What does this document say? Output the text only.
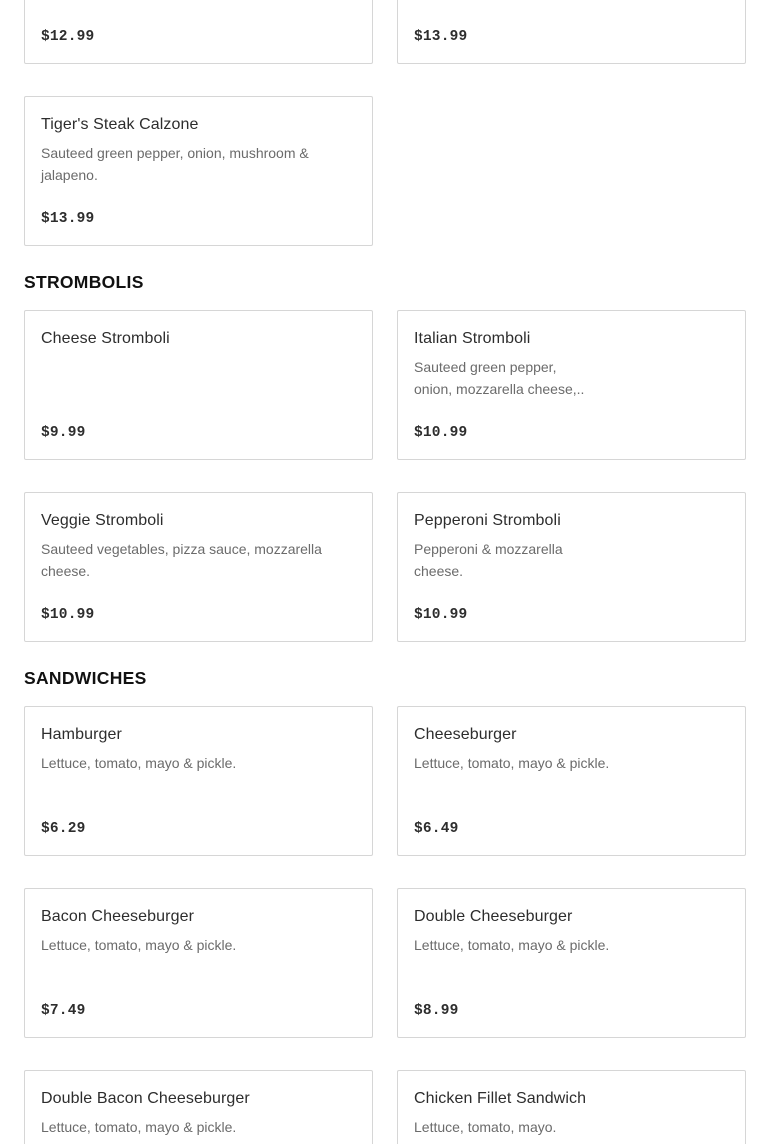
$12.99	$13.99
Tiger's Steak Calzone
Sauteed green pepper, onion, mushroom &
jalapeno.
$13.99
STROMBOLIS
Cheese Stromboli
$9.99
Italian Stromboli
Sauteed green pepper,
onion, mozzarella cheese,..
$10.99
Veggie Stromboli
Sauteed vegetables, pizza sauce, mozzarella
cheese.
$10.99
Pepperoni Stromboli
Pepperoni & mozzarella
cheese.
$10.99
SANDWICHES
Hamburger
Lettuce, tomato, mayo & pickle.
$6.29
Cheeseburger
Lettuce, tomato, mayo & pickle.
$6.49
Bacon Cheeseburger
Lettuce, tomato, mayo & pickle.
$7.49
Double Cheeseburger
Lettuce, tomato, mayo & pickle.
$8.99
Double Bacon Cheeseburger
Lettuce, tomato, mayo & pickle.
Chicken Fillet Sandwich
Lettuce, tomato, mayo.
